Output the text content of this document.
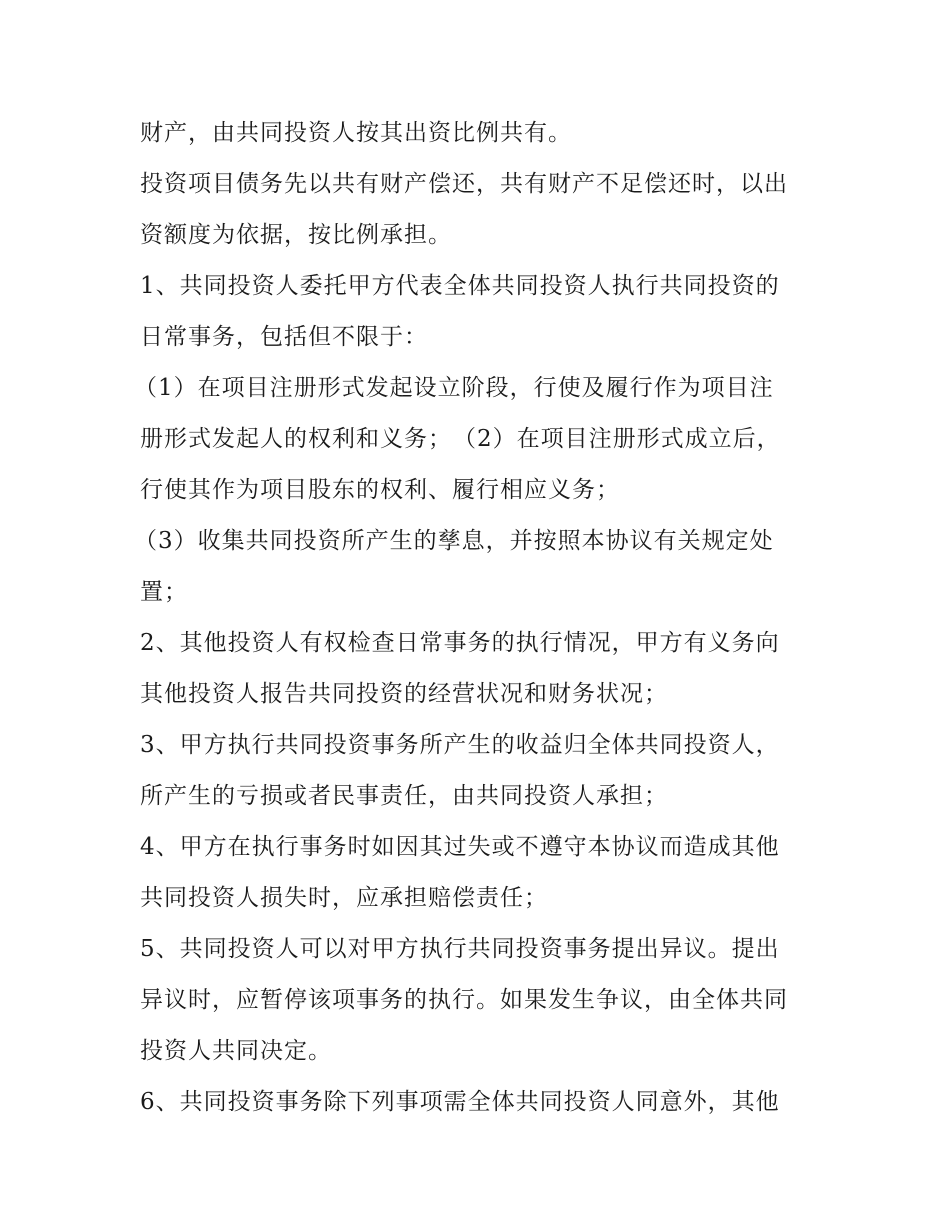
财产，由共同投资人按其出资比例共有。
投资项目债务先以共有财产偿还，共有财产不足偿还时，以出
资额度为依据，按比例承担。
1、共同投资人委托甲方代表全体共同投资人执行共同投资的
日常事务，包括但不限于：
（1）在项目注册形式发起设立阶段，行使及履行作为项目注
册形式发起人的权利和义务；　（2）在项目注册形式成立后，
行使其作为项目股东的权利、履行相应义务；
（3）收集共同投资所产生的孳息，并按照本协议有关规定处
置；
2、其他投资人有权检查日常事务的执行情况，甲方有义务向
其他投资人报告共同投资的经营状况和财务状况；
3、甲方执行共同投资事务所产生的收益归全体共同投资人，
所产生的亏损或者民事责任，由共同投资人承担；
4、甲方在执行事务时如因其过失或不遵守本协议而造成其他
共同投资人损失时，应承担赔偿责任；
5、共同投资人可以对甲方执行共同投资事务提出异议。提出
异议时，应暂停该项事务的执行。如果发生争议，由全体共同
投资人共同决定。
6、共同投资事务除下列事项需全体共同投资人同意外，其他
